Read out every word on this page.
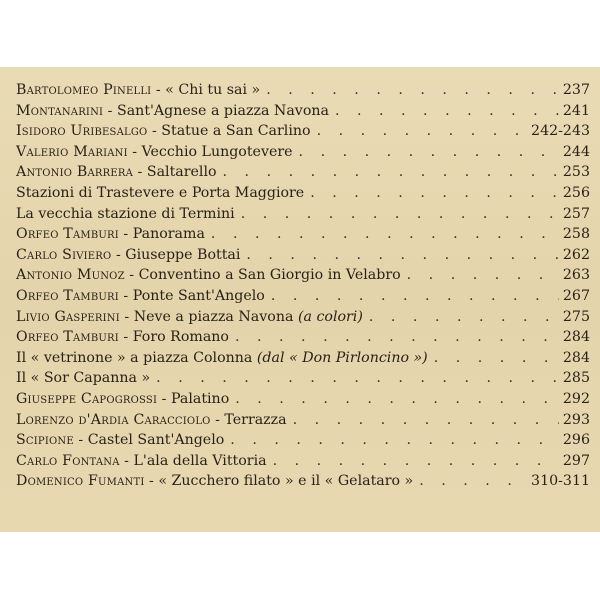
Bartolomeo Pinelli - « Chi tu sai » . . .	237
Montanarini - Sant'Agnese a piazza Navona . . .	241
Isidoro Uribesalgo - Statue a San Carlino . . .	242-243
Valerio Mariani - Vecchio Lungotevere . . .	244
Antonio Barrera - Saltarello . . .	253
Stazioni di Trastevere e Porta Maggiore . . .	256
La vecchia stazione di Termini . . .	257
Orfeo Tamburi - Panorama . . .	258
Carlo Siviero - Giuseppe Bottai . . .	262
Antonio Munoz - Conventino a San Giorgio in Velabro . . .	263
Orfeo Tamburi - Ponte Sant'Angelo . . .	267
Livio Gasperini - Neve a piazza Navona (a colori) . . .	275
Orfeo Tamburi - Foro Romano . . .	284
Il « vetrinone » a piazza Colonna (dal « Don Pirloncino ») . . .	284
Il « Sor Capanna » . . .	285
Giuseppe Capogrossi - Palatino . . .	292
Lorenzo d'Ardia Caracciolo - Terrazza . . .	293
Scipione - Castel Sant'Angelo . . .	296
Carlo Fontana - L'ala della Vittoria . . .	297
Domenico Fumanti - « Zucchero filato » e il « Gelataro » . . .	310-311
